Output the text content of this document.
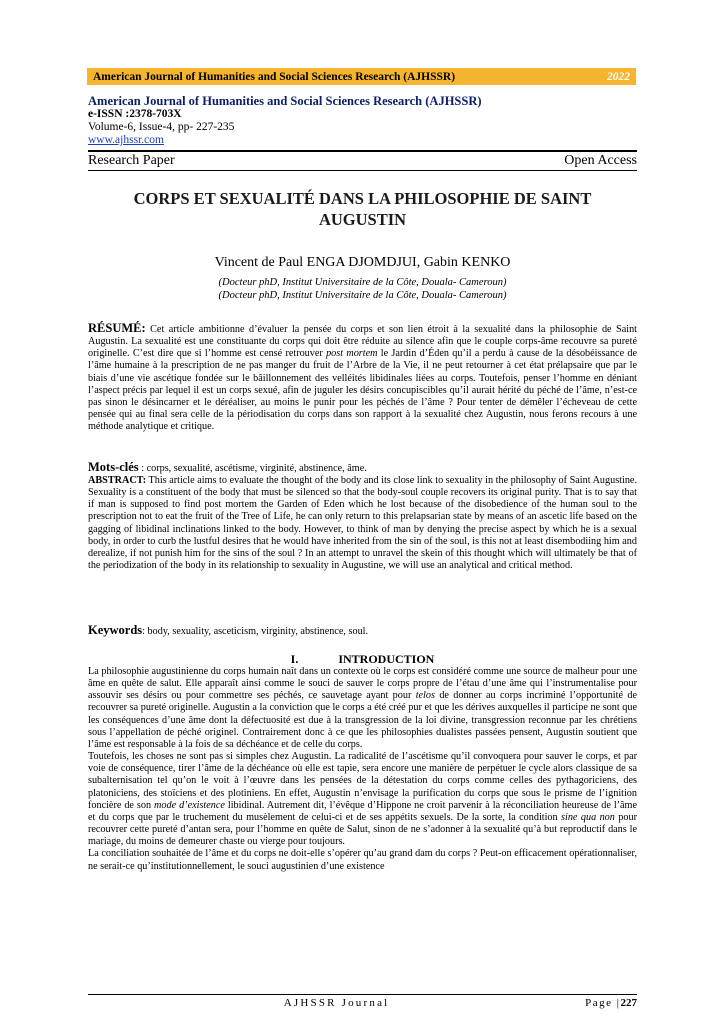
American Journal of Humanities and Social Sciences Research (AJHSSR)	2022
American Journal of Humanities and Social Sciences Research (AJHSSR)
e-ISSN :2378-703X
Volume-6, Issue-4, pp- 227-235
www.ajhssr.com
Research Paper	Open Access
CORPS ET SEXUALITÉ DANS LA PHILOSOPHIE DE SAINT
AUGUSTIN
Vincent de Paul ENGA DJOMDJUI, Gabin KENKO
(Docteur phD, Institut Universitaire de la Côte, Douala- Cameroun)
(Docteur phD, Institut Universitaire de la Côte, Douala- Cameroun)

RÉSUMÉ: Cet article ambitionne d’évaluer la pensée du corps et son lien étroit à la sexualité dans la philosophie de Saint Augustin. La sexualité est une constituante du corps qui doit être réduite au silence afin que le couple corps-âme recouvre sa pureté originelle. C’est dire que si l’homme est censé retrouver post mortem le Jardin d’Éden qu’il a perdu à cause de la désobéissance de l’âme humaine à la prescription de ne pas manger du fruit de l’Arbre de la Vie, il ne peut retourner à cet état prélapsaire que par le biais d’une vie ascétique fondée sur le bâillonnement des velléités libidinales liées au corps. Toutefois, penser l’homme en déniant l’aspect précis par lequel il est un corps sexué, afin de juguler les désirs concupiscibles qu’il aurait hérité du péché de l’âme, n’est-ce pas sinon le désincarner et le déréaliser, au moins le punir pour les péchés de l’âme ? Pour tenter de démêler l’écheveau de cette pensée qui au final sera celle de la périodisation du corps dans son rapport à la sexualité chez Augustin, nous ferons recours à une méthode analytique et critique.

Mots-clés : corps, sexualité, ascétisme, virginité, abstinence, âme.

ABSTRACT: This article aims to evaluate the thought of the body and its close link to sexuality in the philosophy of Saint Augustine. Sexuality is a constituent of the body that must be silenced so that the body-soul couple recovers its original purity. That is to say that if man is supposed to find post mortem the Garden of Eden which he lost because of the disobedience of the human soul to the prescription not to eat the fruit of the Tree of Life, he can only return to this prelapsarian state by means of an ascetic life based on the gagging of libidinal inclinations linked to the body. However, to think of man by denying the precise aspect by which he is a sexual body, in order to curb the lustful desires that he would have inherited from the sin of the soul, is this not at least disembodiing him and derealize, if not punish him for the sins of the soul ? In an attempt to unravel the skein of this thought which will ultimately be that of the periodization of the body in its relationship to sexuality in Augustine, we will use an analytical and critical method.

Keywords: body, sexuality, asceticism, virginity, abstinence, soul.

I.	INTRODUCTION

La philosophie augustinienne du corps humain naît dans un contexte où le corps est considéré comme une source de malheur pour une âme en quête de salut. Elle apparaît ainsi comme le souci de sauver le corps propre de l’étau d’une âme qui l’instrumentalise pour assouvir ses désirs ou pour commettre ses péchés, ce sauvetage ayant pour telos de donner au corps incriminé l’opportunité de recouvrer sa pureté originelle. Augustin a la conviction que le corps a été créé pur et que les dérives auxquelles il participe ne sont que les conséquences d’une âme dont la défectuosité est due à la transgression de la loi divine, transgression reconnue par les chrétiens sous l’appellation de péché originel. Contrairement donc à ce que les philosophies dualistes passées pensent, Augustin soutient que l’âme est responsable à la fois de sa déchéance et de celle du corps.

Toutefois, les choses ne sont pas si simples chez Augustin. La radicalité de l’ascétisme qu’il convoquera pour sauver le corps, et par voie de conséquence, tirer l’âme de la déchéance où elle est tapie, sera encore une manière de perpétuer le cycle alors classique de sa subalternisation tel qu’on le voit à l’œuvre dans les pensées de la détestation du corps comme celles des pythagoriciens, des platoniciens, des stoïciens et des plotiniens. En effet, Augustin n’envisage la purification du corps que sous le prisme de l’ignition foncière de son mode d’existence libidinal. Autrement dit, l’évêque d’Hippone ne croit parvenir à la réconciliation heureuse de l’âme et du corps que par le truchement du musèlement de celui-ci et de ses appétits sexuels. De la sorte, la condition sine qua non pour recouvrer cette pureté d’antan sera, pour l’homme en quête de Salut, sinon de ne s’adonner à la sexualité qu’à but reproductif dans le mariage, du moins de demeurer chaste ou vierge pour toujours.

La conciliation souhaitée de l’âme et du corps ne doit-elle s’opérer qu’au grand dam du corps ? Peut-on efficacement opérationnaliser, ne serait-ce qu’institutionnellement, le souci augustinien d’une existence

AJHSSR Journal	Page |227
